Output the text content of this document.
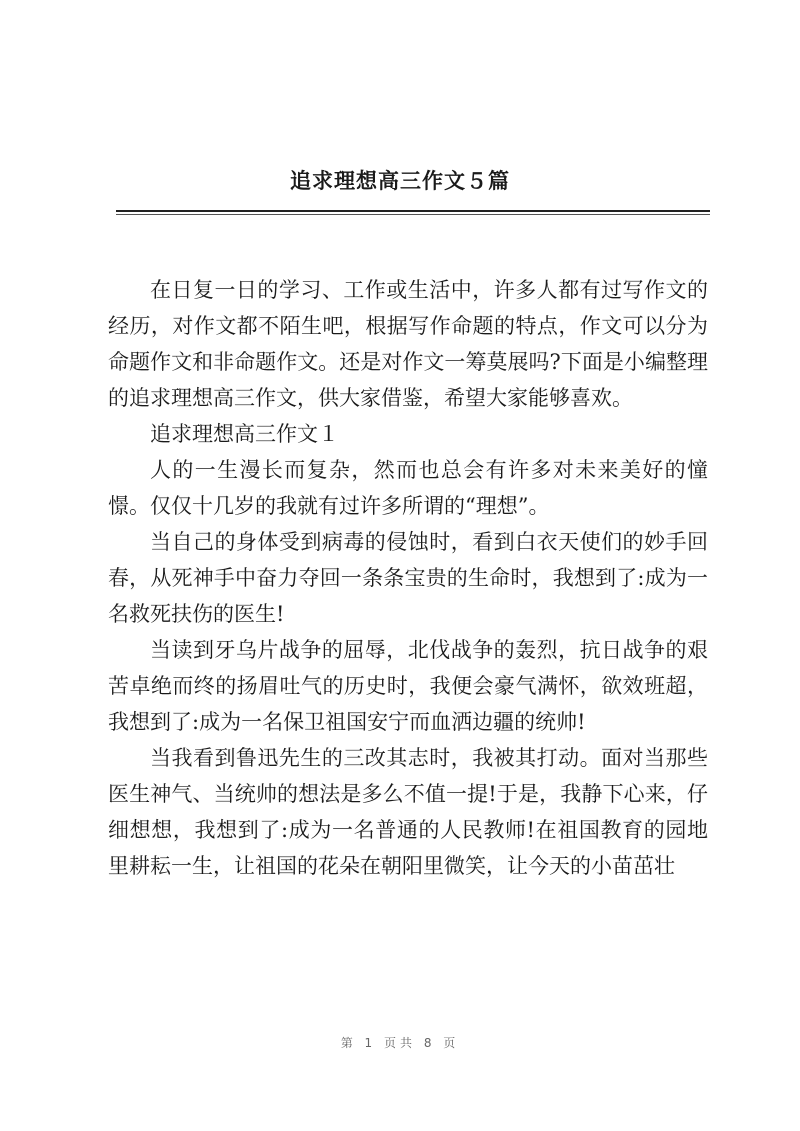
追求理想高三作文５篇

在日复一日的学习、工作或生活中，许多人都有过写作文的经历，对作文都不陌生吧，根据写作命题的特点，作文可以分为命题作文和非命题作文。还是对作文一筹莫展吗?下面是小编整理的追求理想高三作文，供大家借鉴，希望大家能够喜欢。

追求理想高三作文１

人的一生漫长而复杂，然而也总会有许多对未来美好的憧憬。仅仅十几岁的我就有过许多所谓的“理想”。

当自己的身体受到病毒的侵蚀时，看到白衣天使们的妙手回春，从死神手中奋力夺回一条条宝贵的生命时，我想到了:成为一名救死扶伤的医生!

当读到牙乌片战争的屈辱，北伐战争的轰烈，抗日战争的艰苦卓绝而终的扬眉吐气的历史时，我便会豪气满怀，欲效班超，我想到了:成为一名保卫祖国安宁而血洒边疆的统帅!

当我看到鲁迅先生的三改其志时，我被其打动。面对当那些医生神气、当统帅的想法是多么不值一提!于是，我静下心来，仔细想想，我想到了:成为一名普通的人民教师!在祖国教育的园地里耕耘一生，让祖国的花朵在朝阳里微笑，让今天的小苗茁壮

第 1 页共 8 页
